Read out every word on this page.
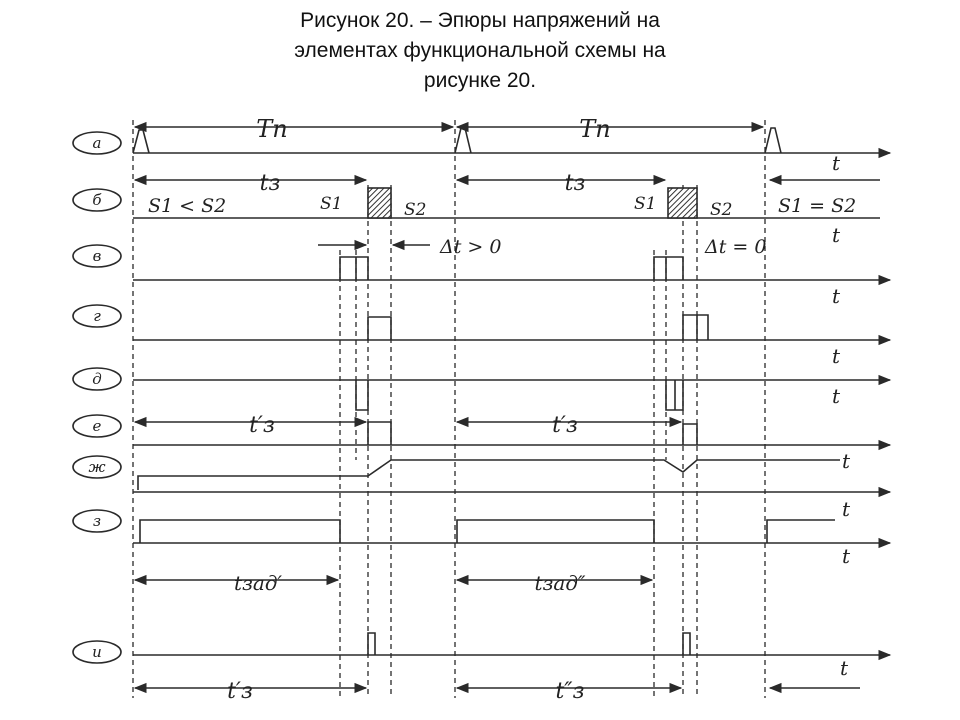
Рисунок 20. – Эпюры напряжений на
элементах функциональной схемы на
рисунке 20.
а
б
в
г
д
е
ж
з
и
Tп	Tп
tз	tз
S1 < S2	S1	S2	S1	S2 S1 = S2
Δt > 0	Δt = 0
t′з	t′з
tзад′	tзад″
t′з	t″з
t
t
t
t
t
t
t
t
t
